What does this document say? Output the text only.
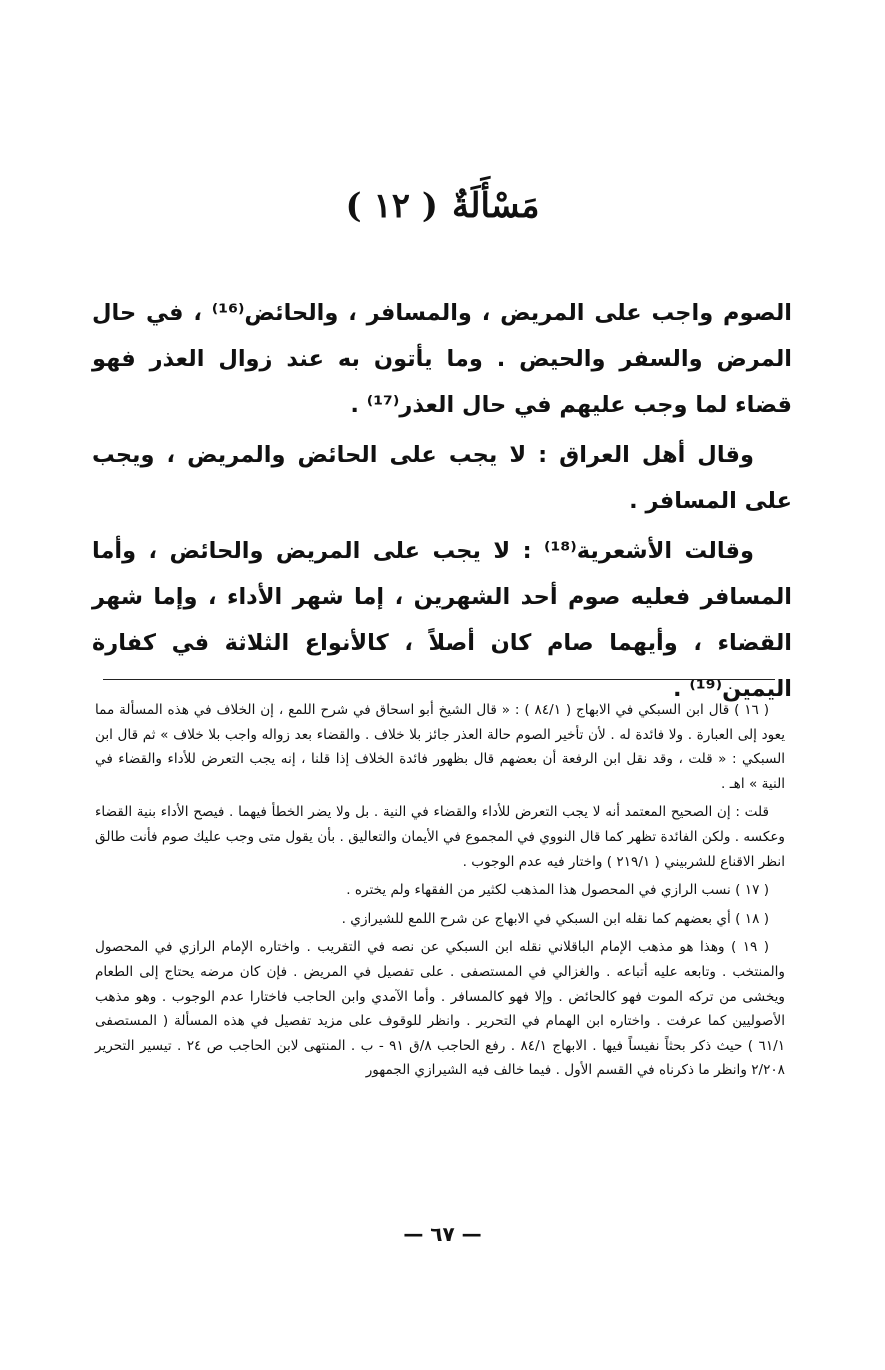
مَسْأَلَةٌ( ١٢ )

الصوم واجب على المريض ، والمسافر ، والحائض⁽¹⁶⁾ ، في حال المرض والسفر والحيض . وما يأتون به عند زوال العذر فهو قضاء لما وجب عليهم في حال العذر⁽¹⁷⁾ .

وقال أهل العراق : لا يجب على الحائض والمريض ، ويجب على المسافر .

وقالت الأشعرية⁽¹⁸⁾ : لا يجب على المريض والحائض ، وأما المسافر فعليه صوم أحد الشهرين ، إما شهر الأداء ، وإما شهر القضاء ، وأيهما صام كان أصلاً ، كالأنواع الثلاثة في كفارة اليمين⁽¹⁹⁾ .

( ١٦ ) قال ابن السبكي في الابهاج ( ٨٤/١ ) : « قال الشيخ أبو اسحاق في شرح اللمع ، إن الخلاف في هذه المسألة مما يعود إلى العبارة . ولا فائدة له . لأن تأخير الصوم حالة العذر جائز بلا خلاف . والقضاء بعد زواله واجب بلا خلاف » ثم قال ابن السبكي : « قلت ، وقد نقل ابن الرفعة أن بعضهم قال بظهور فائدة الخلاف إذا قلنا ، إنه يجب التعرض للأداء والقضاء في النية » اهـ .

قلت : إن الصحيح المعتمد أنه لا يجب التعرض للأداء والقضاء في النية . بل ولا يضر الخطأ فيهما . فيصح الأداء بنية القضاء وعكسه . ولكن الفائدة تظهر كما قال النووي في المجموع في الأيمان والتعاليق . بأن يقول متى وجب عليك صوم فأنت طالق انظر الاقناع للشربيني ( ٢١٩/١ ) واختار فيه عدم الوجوب .

( ١٧ ) نسب الرازي في المحصول هذا المذهب لكثير من الفقهاء ولم يختره .

( ١٨ ) أي بعضهم كما نقله ابن السبكي في الابهاج عن شرح اللمع للشيرازي .

( ١٩ ) وهذا هو مذهب الإمام الباقلاني نقله ابن السبكي عن نصه في التقريب . واختاره الإمام الرازي في المحصول والمنتخب . وتابعه عليه أتباعه . والغزالي في المستصفى . على تفصيل في المريض . فإن كان مرضه يحتاج إلى الطعام ويخشى من تركه الموت فهو كالحائض . وإلا فهو كالمسافر . وأما الآمدي وابن الحاجب فاختارا عدم الوجوب . وهو مذهب الأصوليين كما عرفت . واختاره ابن الهمام في التحرير . وانظر للوقوف على مزيد تفصيل في هذه المسألة ( المستصفى ٦١/١ ) حيث ذكر بحثاً نفيساً فيها . الابهاج ٨٤/١ . رفع الحاجب ٨/ق ٩١ - ب . المنتهى لابن الحاجب ص ٢٤ . تيسير التحرير ٢/٢٠٨ وانظر ما ذكرناه في القسم الأول . فيما خالف فيه الشيرازي الجمهور

— ٦٧ —
